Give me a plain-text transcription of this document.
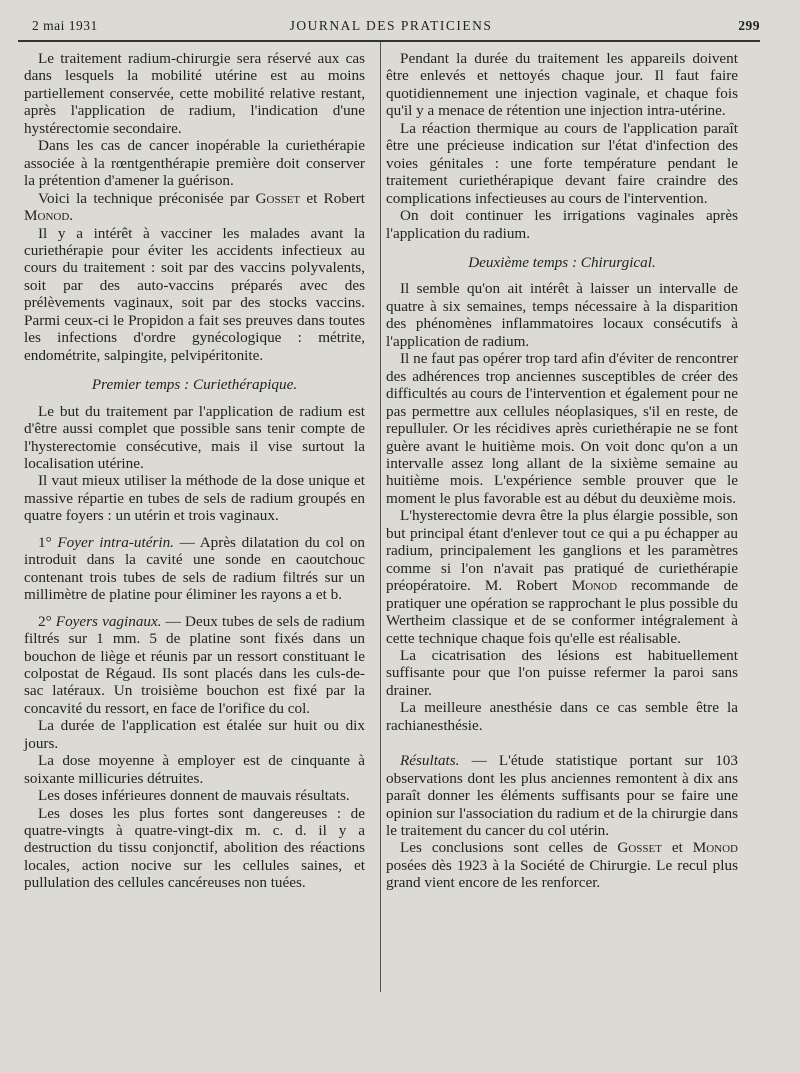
2 mai 1931	JOURNAL DES PRATICIENS	299

Le traitement radium-chirurgie sera réservé aux cas dans lesquels la mobilité utérine est au moins partiellement conservée, cette mobilité relative restant, après l'application de radium, l'indication d'une hystérectomie secondaire.

Dans les cas de cancer inopérable la curiethérapie associée à la rœntgenthérapie première doit conserver la prétention d'amener la guérison.

Voici la technique préconisée par Gosset et Robert Monod.

Il y a intérêt à vacciner les malades avant la curiethérapie pour éviter les accidents infectieux au cours du traitement : soit par des vaccins polyvalents, soit par des auto-vaccins préparés avec des prélèvements vaginaux, soit par des stocks vaccins. Parmi ceux-ci le Propidon a fait ses preuves dans toutes les infections d'ordre gynécologique : métrite, endométrite, salpingite, pelvipéritonite.

Premier temps : Curiethérapique.

Le but du traitement par l'application de radium est d'être aussi complet que possible sans tenir compte de l'hysterectomie consécutive, mais il vise surtout la localisation utérine.

Il vaut mieux utiliser la méthode de la dose unique et massive répartie en tubes de sels de radium groupés en quatre foyers : un utérin et trois vaginaux.

1° Foyer intra-utérin. — Après dilatation du col on introduit dans la cavité une sonde en caoutchouc contenant trois tubes de sels de radium filtrés sur un millimètre de platine pour éliminer les rayons a et b.

2° Foyers vaginaux. — Deux tubes de sels de radium filtrés sur 1 mm. 5 de platine sont fixés dans un bouchon de liège et réunis par un ressort constituant le colpostat de Régaud. Ils sont placés dans les culs-de-sac latéraux. Un troisième bouchon est fixé par la concavité du ressort, en face de l'orifice du col.

La durée de l'application est étalée sur huit ou dix jours.

La dose moyenne à employer est de cinquante à soixante millicuries détruites.

Les doses inférieures donnent de mauvais résultats.

Les doses les plus fortes sont dangereuses : de quatre-vingts à quatre-vingt-dix m. c. d. il y a destruction du tissu conjonctif, abolition des réactions locales, action nocive sur les cellules saines, et pullulation des cellules cancéreuses non tuées.

Pendant la durée du traitement les appareils doivent être enlevés et nettoyés chaque jour. Il faut faire quotidiennement une injection vaginale, et chaque fois qu'il y a menace de rétention une injection intra-utérine.

La réaction thermique au cours de l'application paraît être une précieuse indication sur l'état d'infection des voies génitales : une forte température pendant le traitement curiethérapique devant faire craindre des complications infectieuses au cours de l'intervention.

On doit continuer les irrigations vaginales après l'application du radium.

Deuxième temps : Chirurgical.

Il semble qu'on ait intérêt à laisser un intervalle de quatre à six semaines, temps nécessaire à la disparition des phénomènes inflammatoires locaux consécutifs à l'application de radium.

Il ne faut pas opérer trop tard afin d'éviter de rencontrer des adhérences trop anciennes susceptibles de créer des difficultés au cours de l'intervention et également pour ne pas permettre aux cellules néoplasiques, s'il en reste, de repulluler. Or les récidives après curiethérapie ne se font guère avant le huitième mois. On voit donc qu'on a un intervalle assez long allant de la sixième semaine au huitième mois. L'expérience semble prouver que le moment le plus favorable est au début du deuxième mois.

L'hysterectomie devra être la plus élargie possible, son but principal étant d'enlever tout ce qui a pu échapper au radium, principalement les ganglions et les paramètres comme si l'on n'avait pas pratiqué de curiethérapie préopératoire. M. Robert Monod recommande de pratiquer une opération se rapprochant le plus possible du Wertheim classique et de se conformer intégralement à cette technique chaque fois qu'elle est réalisable.

La cicatrisation des lésions est habituellement suffisante pour que l'on puisse refermer la paroi sans drainer.

La meilleure anesthésie dans ce cas semble être la rachianesthésie.

Résultats. — L'étude statistique portant sur 103 observations dont les plus anciennes remontent à dix ans paraît donner les éléments suffisants pour se faire une opinion sur l'association du radium et de la chirurgie dans le traitement du cancer du col utérin.

Les conclusions sont celles de Gosset et Monod posées dès 1923 à la Société de Chirurgie. Le recul plus grand vient encore de les renforcer.
